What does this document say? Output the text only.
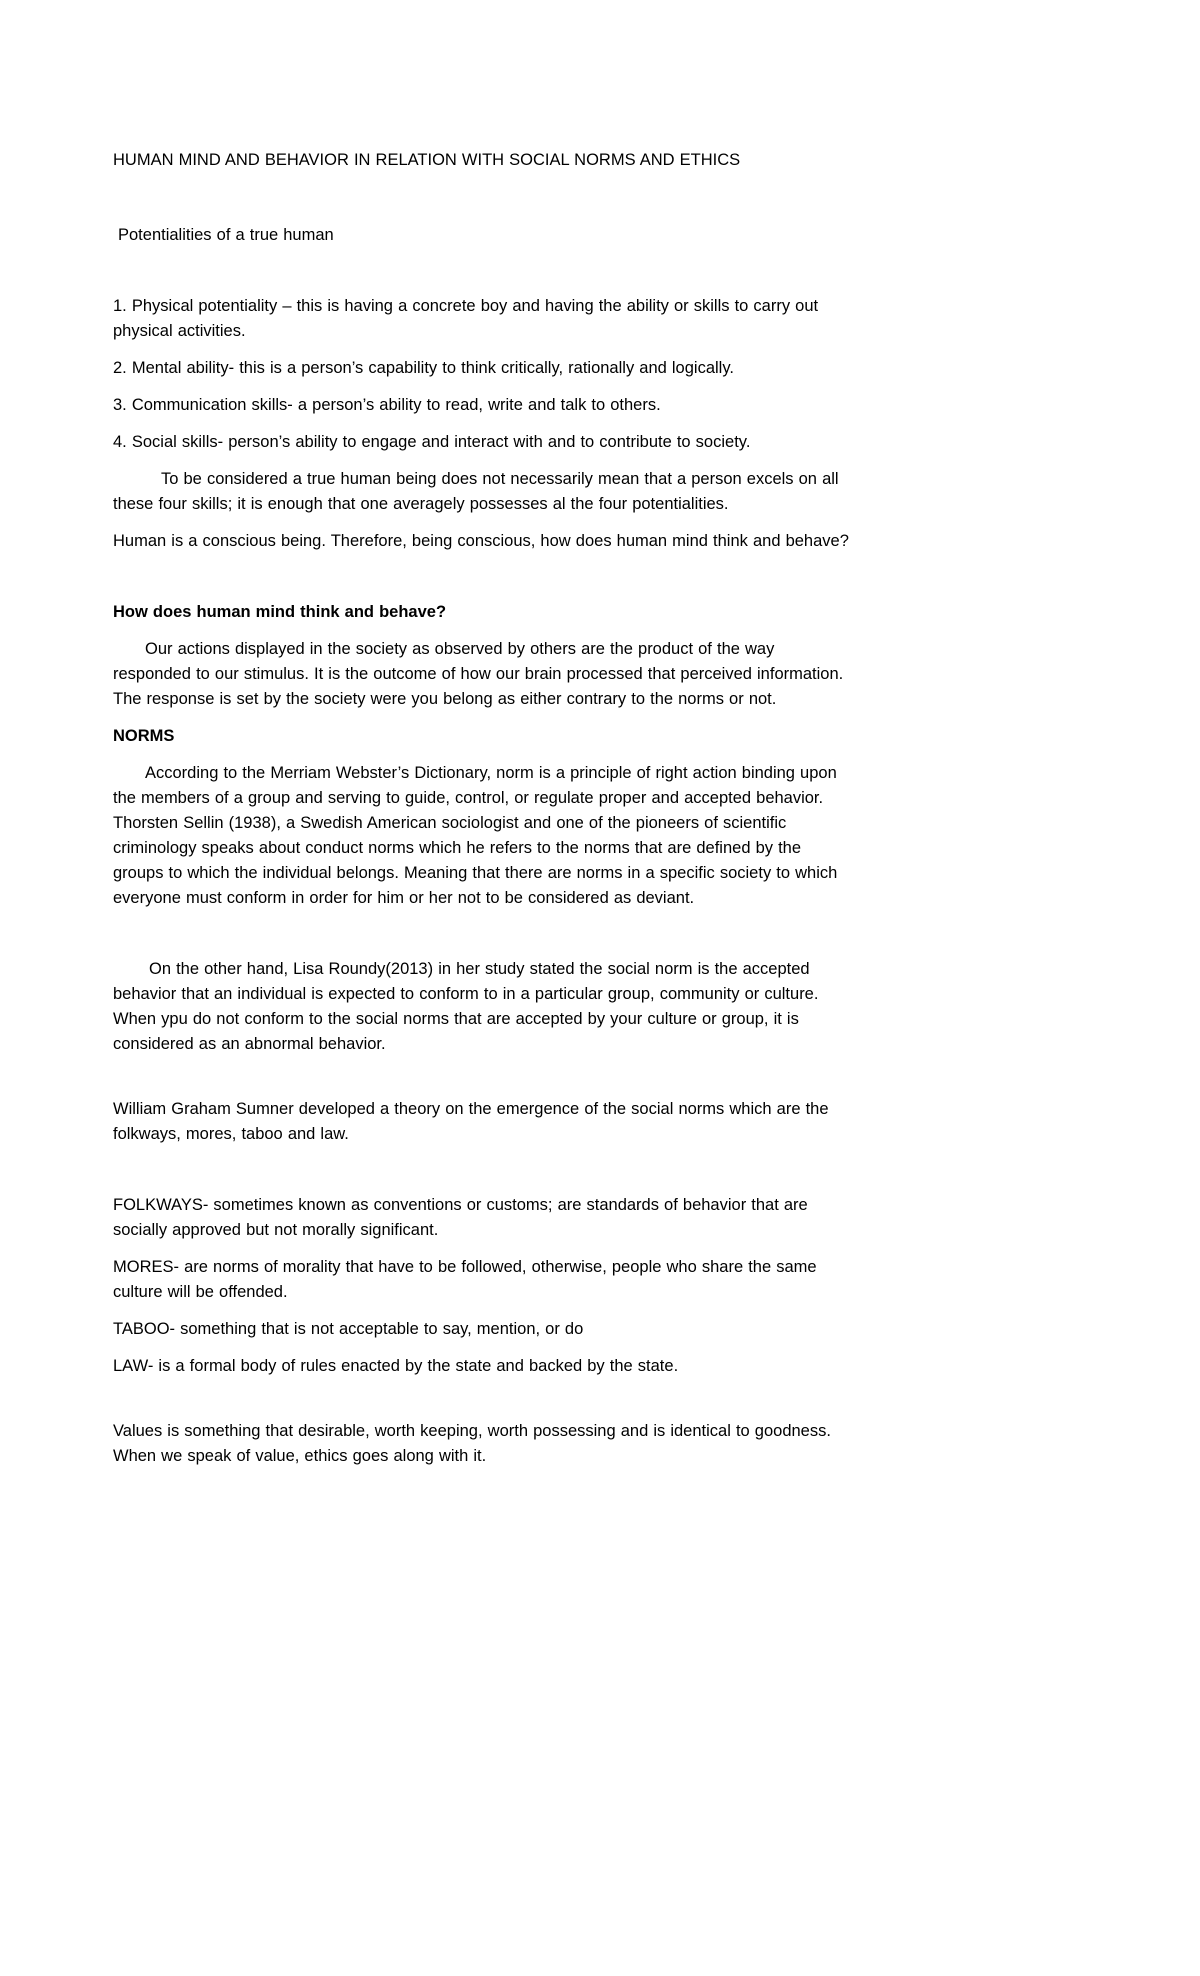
HUMAN MIND AND BEHAVIOR IN RELATION WITH SOCIAL NORMS AND ETHICS

Potentialities of a true human

1. Physical potentiality – this is having a concrete boy and having the ability or skills to carry out physical activities.

2. Mental ability- this is a person’s capability to think critically, rationally and logically.

3. Communication skills- a person’s ability to read, write and talk to others.

4. Social skills- person’s ability to engage and interact with and to contribute to society.

To be considered a true human being does not necessarily mean that a person excels on all these four skills; it is enough that one averagely possesses al the four potentialities.

Human is a conscious being. Therefore, being conscious, how does human mind think and behave?

How does human mind think and behave?

Our actions displayed in the society as observed by others are the product of the way responded to our stimulus. It is the outcome of how our brain processed that perceived information. The response is set by the society were you belong as either contrary to the norms or not.

NORMS

According to the Merriam Webster’s Dictionary, norm is a principle of right action binding upon the members of a group and serving to guide, control, or regulate proper and accepted behavior. Thorsten Sellin (1938), a Swedish American sociologist and one of the pioneers of scientific criminology speaks about conduct norms which he refers to the norms that are defined by the groups to which the individual belongs. Meaning that there are norms in a specific society to which everyone must conform in order for him or her not to be considered as deviant.

On the other hand, Lisa Roundy(2013) in her study stated the social norm is the accepted behavior that an individual is expected to conform to in a particular group, community or culture. When ypu do not conform to the social norms that are accepted by your culture or group, it is considered as an abnormal behavior.

William Graham Sumner developed a theory on the emergence of the social norms which are the folkways, mores, taboo and law.

FOLKWAYS- sometimes known as conventions or customs; are standards of behavior that are socially approved but not morally significant.

MORES- are norms of morality that have to be followed, otherwise, people who share the same culture will be offended.

TABOO- something that is not acceptable to say, mention, or do

LAW- is a formal body of rules enacted by the state and backed by the state.

Values is something that desirable, worth keeping, worth possessing and is identical to goodness. When we speak of value, ethics goes along with it.
